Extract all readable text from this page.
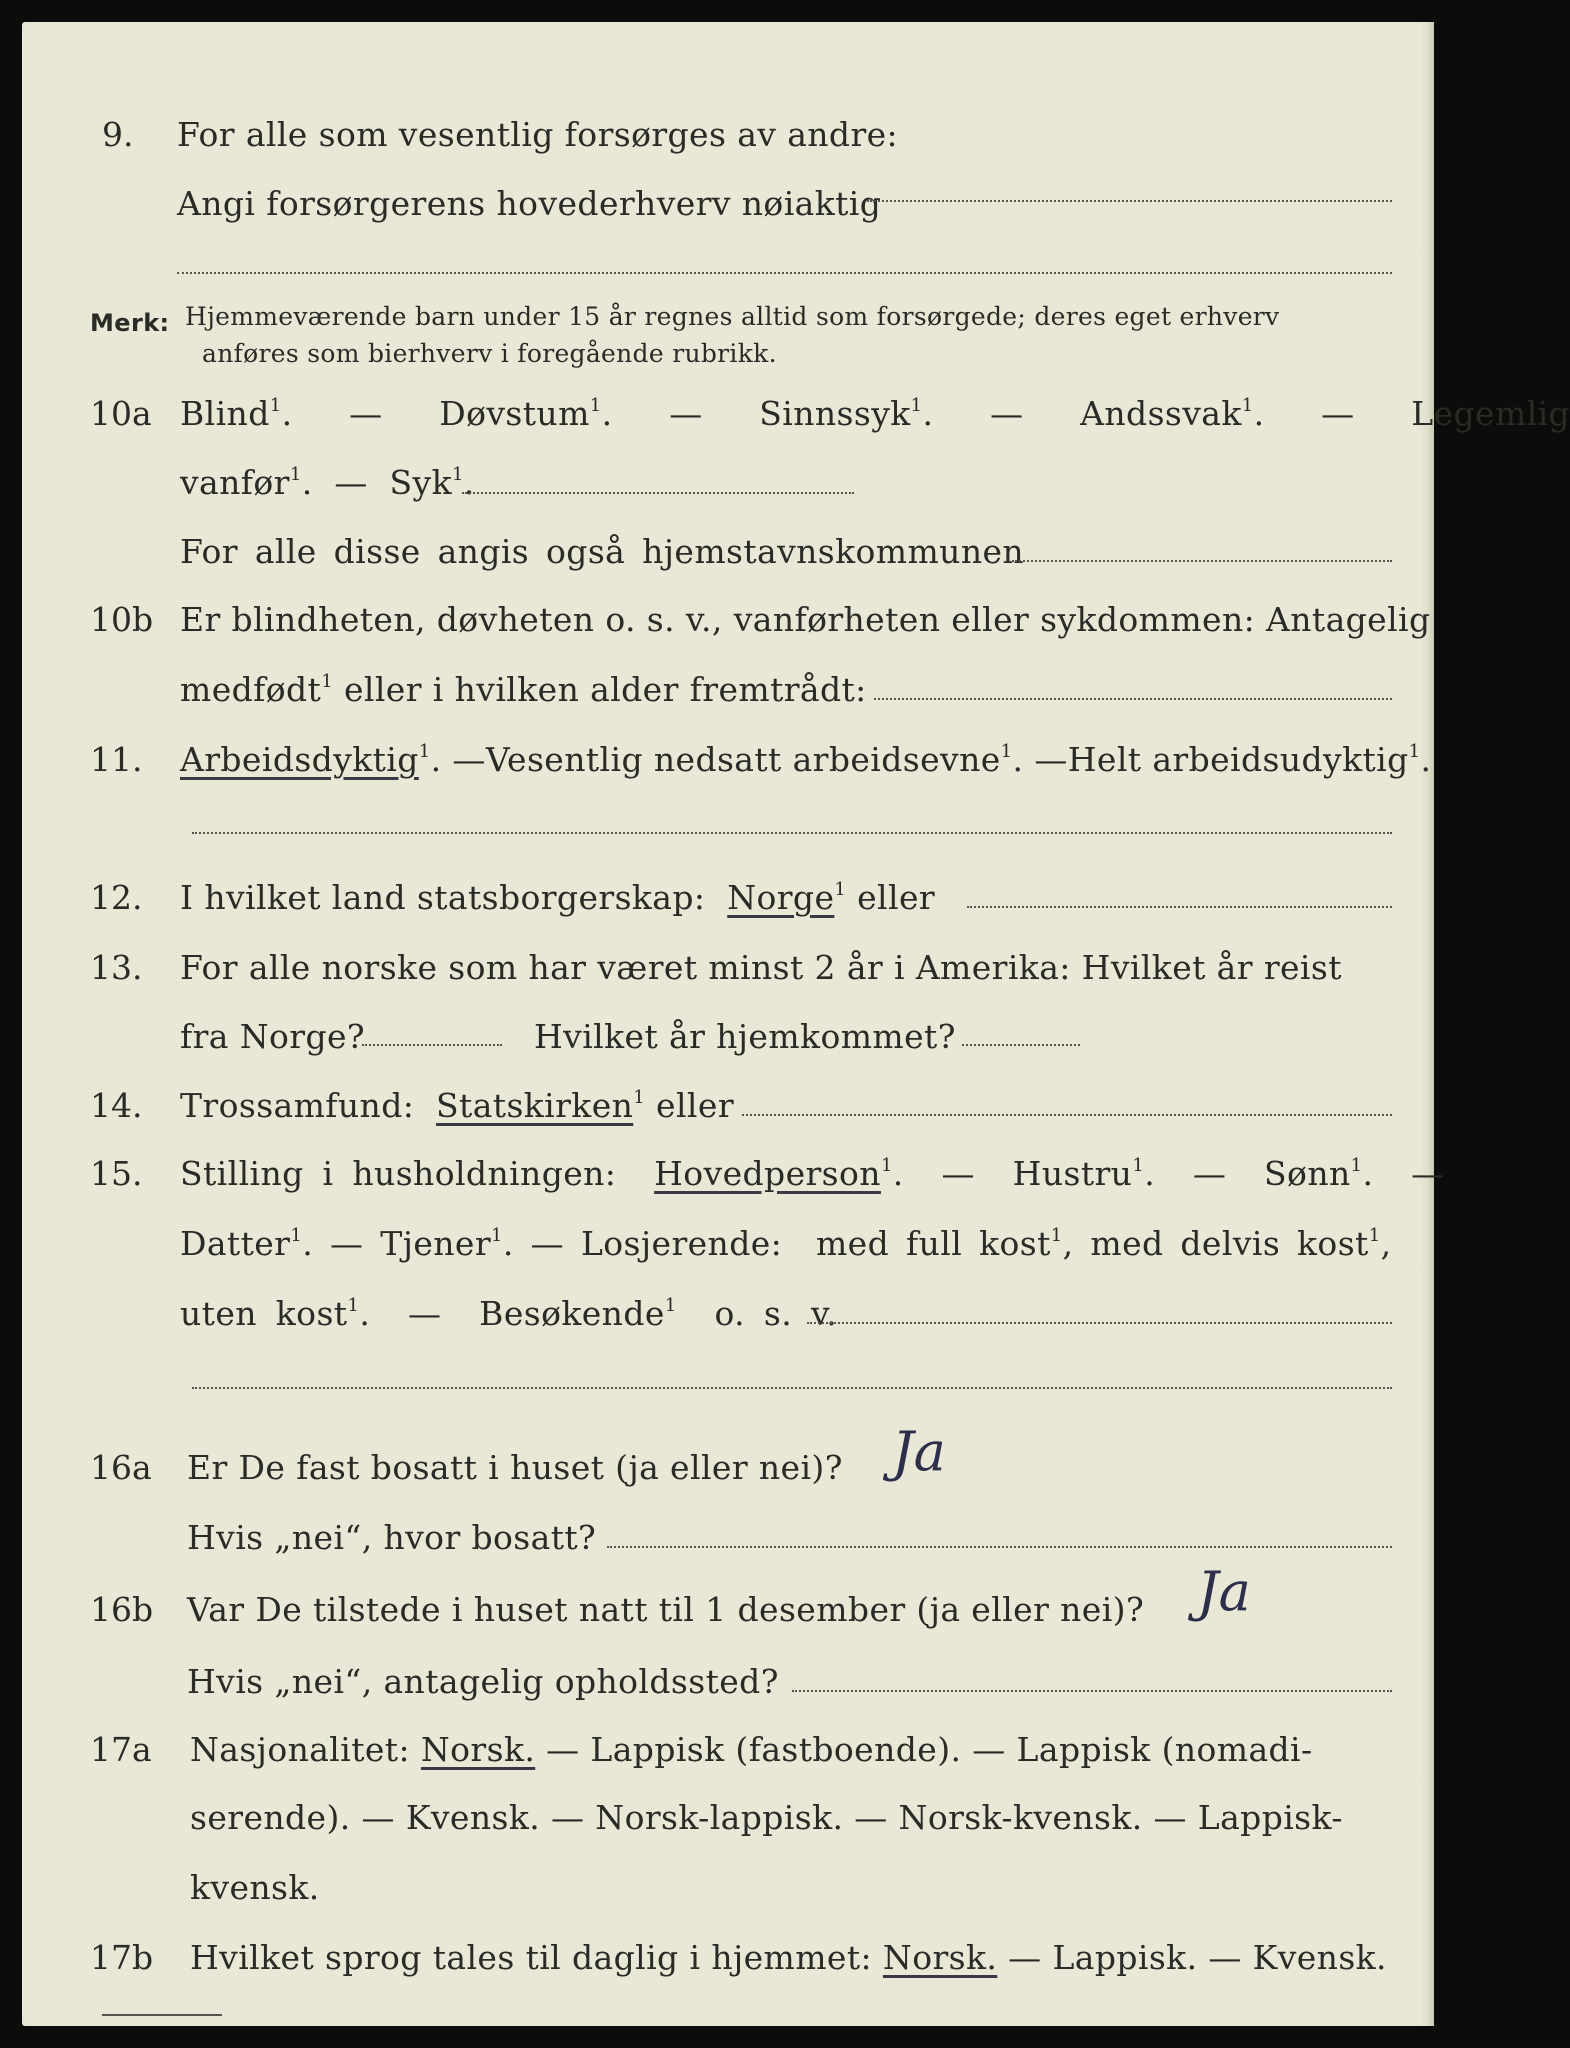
9. For alle som vesentlig forsørges av andre:
Angi forsørgerens hovederhverv nøiaktig
Merk: Hjemmeværende barn under 15 år regnes alltid som forsørgede; deres eget erhverv
anføres som bierhverv i foregående rubrikk.
10a Blind$^1$.   — Døvstum$^1$.   — Sinnssyk$^1$.   — Andssvak$^1$.   — Legemlig
vanfør$^1$.  — Syk$^1$.
For alle disse angis også hjemstavnskommunen
10b Er blindheten, døvheten o. s. v., vanførheten eller sykdommen: Antagelig
medfødt$^1$ eller i hvilken alder fremtrådt:
11. Arbeidsdyktig$^1$. —Vesentlig nedsatt arbeidsevne$^1$. —Helt arbeidsudyktig$^1$.
12. I hvilket land statsborgerskap: Norge$^1$ eller
13. For alle norske som har været minst 2 år i Amerika: Hvilket år reist
fra Norge?	Hvilket år hjemkommet?
14. Trossamfund: Statskirken$^1$ eller
15. Stilling i husholdningen: Hovedperson$^1$.  — Hustru$^1$.  — Sønn$^1$.  —
Datter$^1$. — Tjener$^1$. — Losjerende: med full kost$^1$, med delvis kost$^1$,
uten kost$^1$.  — Besøkende$^1$ o. s. v.
16a Er De fast bosatt i huset (ja eller nei)? Ja
Hvis „nei“, hvor bosatt?
16b Var De tilstede i huset natt til 1 desember (ja eller nei)? Ja
Hvis „nei“, antagelig opholdssted?
17a Nasjonalitet: Norsk. — Lappisk (fastboende). — Lappisk (nomadi-
serende). — Kvensk. — Norsk-lappisk. — Norsk-kvensk. — Lappisk-
kvensk.
17b Hvilket sprog tales til daglig i hjemmet: Norsk. — Lappisk. — Kvensk.
